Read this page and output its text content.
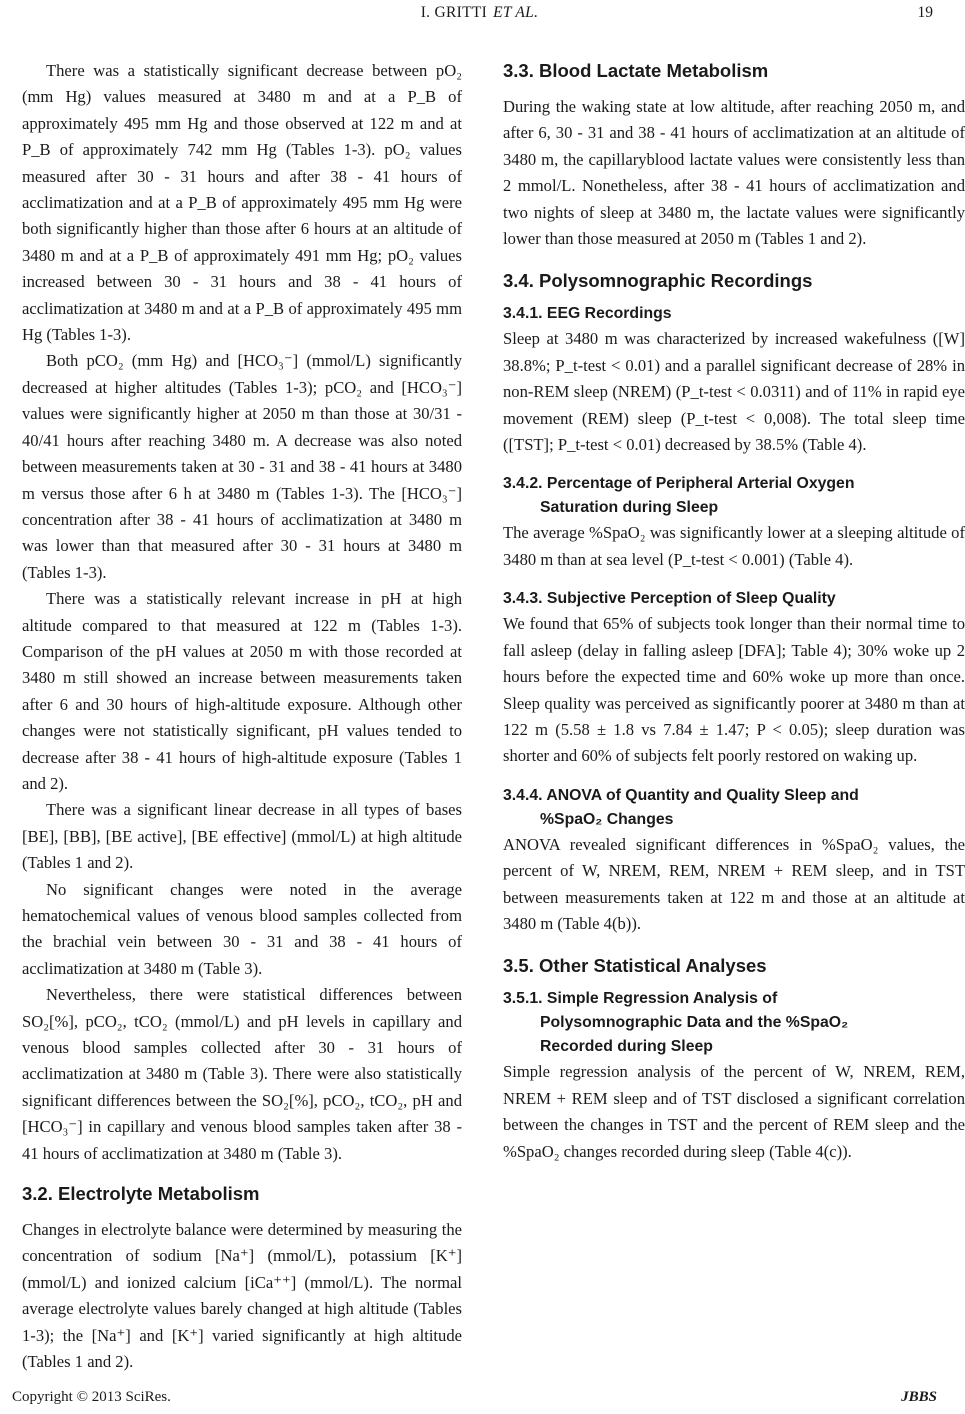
I. GRITTI ET AL.	19

There was a statistically significant decrease between pO₂ (mm Hg) values measured at 3480 m and at a P_B of approximately 495 mm Hg and those observed at 122 m and at P_B of approximately 742 mm Hg (Tables 1-3). pO₂ values measured after 30 - 31 hours and after 38 - 41 hours of acclimatization and at a P_B of approximately 495 mm Hg were both significantly higher than those after 6 hours at an altitude of 3480 m and at a P_B of approximately 491 mm Hg; pO₂ values increased between 30 - 31 hours and 38 - 41 hours of acclimatization at 3480 m and at a P_B of approximately 495 mm Hg (Tables 1-3).

Both pCO₂ (mm Hg) and [HCO₃⁻] (mmol/L) significantly decreased at higher altitudes (Tables 1-3); pCO₂ and [HCO₃⁻] values were significantly higher at 2050 m than those at 30/31 - 40/41 hours after reaching 3480 m. A decrease was also noted between measurements taken at 30 - 31 and 38 - 41 hours at 3480 m versus those after 6 h at 3480 m (Tables 1-3). The [HCO₃⁻] concentration after 38 - 41 hours of acclimatization at 3480 m was lower than that measured after 30 - 31 hours at 3480 m (Tables 1-3).

There was a statistically relevant increase in pH at high altitude compared to that measured at 122 m (Tables 1-3). Comparison of the pH values at 2050 m with those recorded at 3480 m still showed an increase between measurements taken after 6 and 30 hours of high-altitude exposure. Although other changes were not statistically significant, pH values tended to decrease after 38 - 41 hours of high-altitude exposure (Tables 1 and 2).

There was a significant linear decrease in all types of bases [BE], [BB], [BE active], [BE effective] (mmol/L) at high altitude (Tables 1 and 2).

No significant changes were noted in the average hematochemical values of venous blood samples collected from the brachial vein between 30 - 31 and 38 - 41 hours of acclimatization at 3480 m (Table 3).

Nevertheless, there were statistical differences between SO₂[%], pCO₂, tCO₂ (mmol/L) and pH levels in capillary and venous blood samples collected after 30 - 31 hours of acclimatization at 3480 m (Table 3). There were also statistically significant differences between the SO₂[%], pCO₂, tCO₂, pH and [HCO₃⁻] in capillary and venous blood samples taken after 38 - 41 hours of acclimatization at 3480 m (Table 3).

3.2. Electrolyte Metabolism

Changes in electrolyte balance were determined by measuring the concentration of sodium [Na⁺] (mmol/L), potassium [K⁺] (mmol/L) and ionized calcium [iCa⁺⁺] (mmol/L). The normal average electrolyte values barely changed at high altitude (Tables 1-3); the [Na⁺] and [K⁺] varied significantly at high altitude (Tables 1 and 2).

3.3. Blood Lactate Metabolism

During the waking state at low altitude, after reaching 2050 m, and after 6, 30 - 31 and 38 - 41 hours of acclimatization at an altitude of 3480 m, the capillaryblood lactate values were consistently less than 2 mmol/L. Nonetheless, after 38 - 41 hours of acclimatization and two nights of sleep at 3480 m, the lactate values were significantly lower than those measured at 2050 m (Tables 1 and 2).

3.4. Polysomnographic Recordings
3.4.1. EEG Recordings

Sleep at 3480 m was characterized by increased wakefulness ([W] 38.8%; P_t-test < 0.01) and a parallel significant decrease of 28% in non-REM sleep (NREM) (P_t-test < 0.0311) and of 11% in rapid eye movement (REM) sleep (P_t-test < 0,008). The total sleep time ([TST]; P_t-test < 0.01) decreased by 38.5% (Table 4).

3.4.2. Percentage of Peripheral Arterial Oxygen
Saturation during Sleep

The average %SpaO₂ was significantly lower at a sleeping altitude of 3480 m than at sea level (P_t-test < 0.001) (Table 4).

3.4.3. Subjective Perception of Sleep Quality

We found that 65% of subjects took longer than their normal time to fall asleep (delay in falling asleep [DFA]; Table 4); 30% woke up 2 hours before the expected time and 60% woke up more than once. Sleep quality was perceived as significantly poorer at 3480 m than at 122 m (5.58 ± 1.8 vs 7.84 ± 1.47; P < 0.05); sleep duration was shorter and 60% of subjects felt poorly restored on waking up.

3.4.4. ANOVA of Quantity and Quality Sleep and
%SpaO₂ Changes

ANOVA revealed significant differences in %SpaO₂ values, the percent of W, NREM, REM, NREM + REM sleep, and in TST between measurements taken at 122 m and those at an altitude at 3480 m (Table 4(b)).

3.5. Other Statistical Analyses
3.5.1. Simple Regression Analysis of
Polysomnographic Data and the %SpaO₂
Recorded during Sleep

Simple regression analysis of the percent of W, NREM, REM, NREM + REM sleep and of TST disclosed a significant correlation between the changes in TST and the percent of REM sleep and the %SpaO₂ changes recorded during sleep (Table 4(c)).

Copyright © 2013 SciRes.	JBBS
